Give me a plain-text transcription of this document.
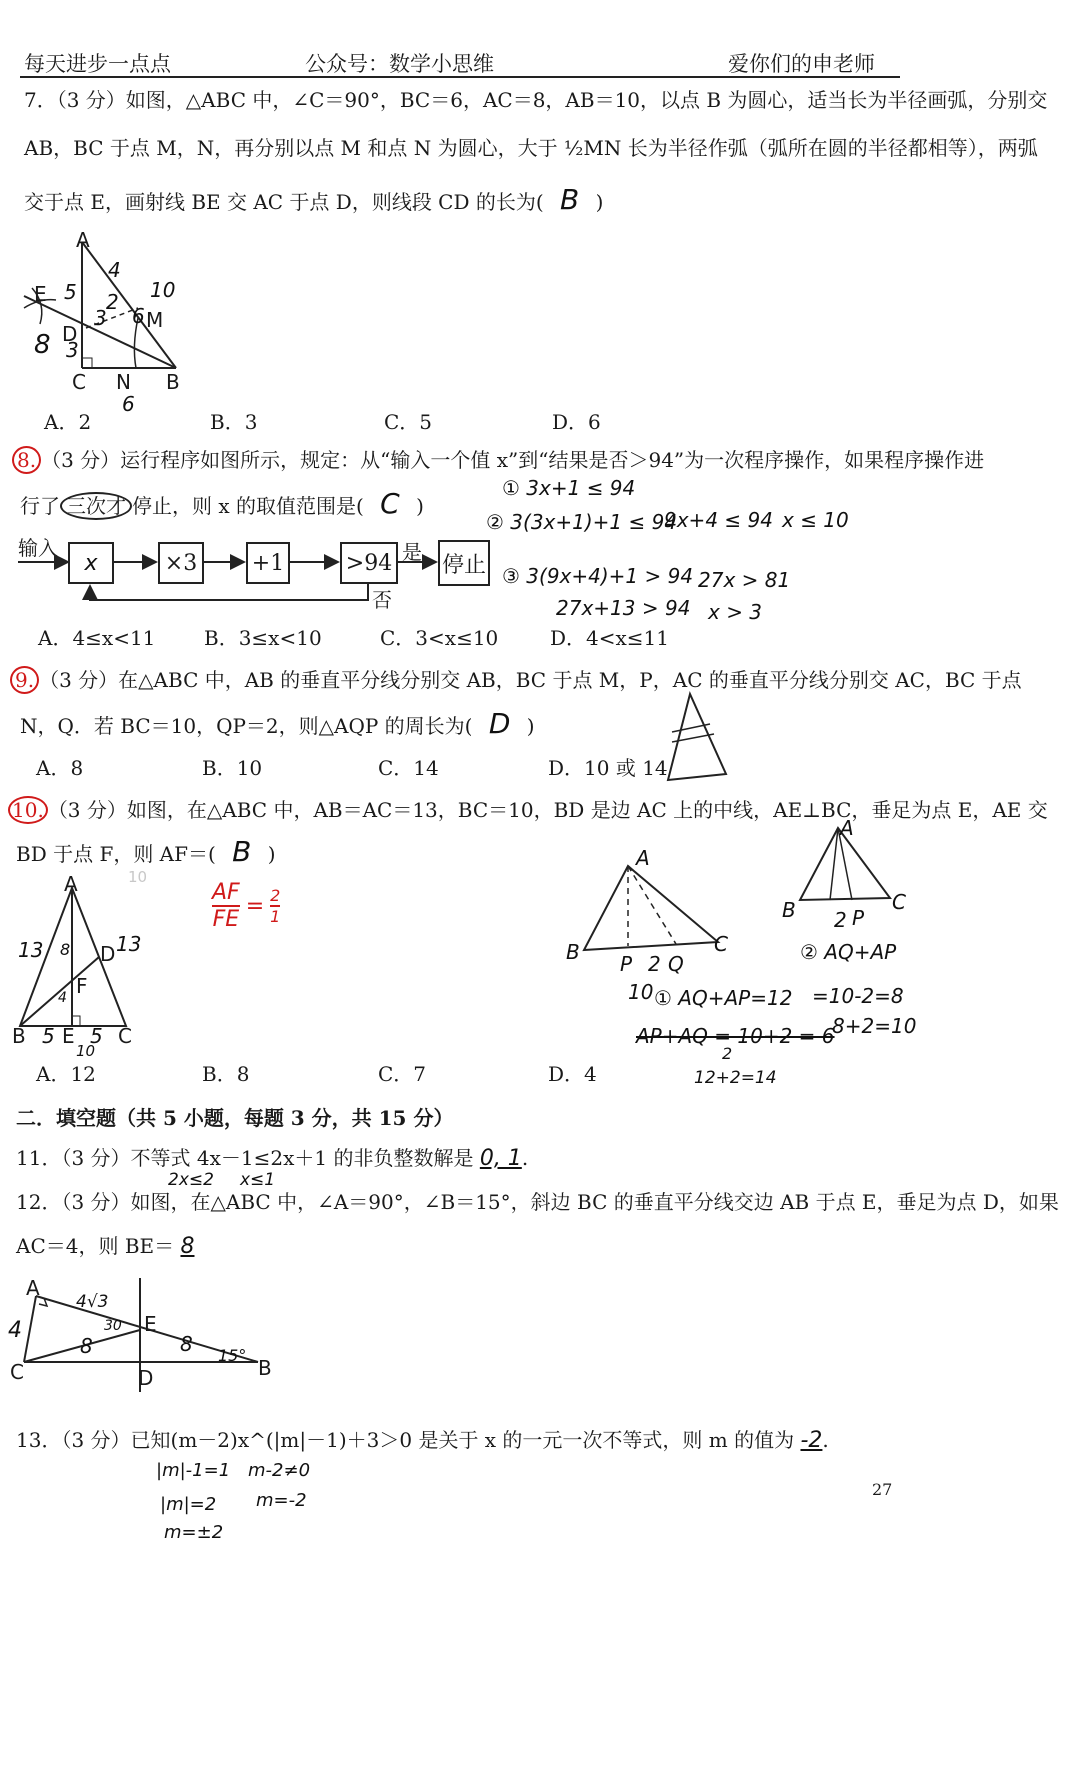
每天进步一点点	公众号：数学小思维	爱你们的申老师
7．（3 分）如图，△ABC 中，∠C＝90°，BC＝6，AC＝8，AB＝10，以点 B 为圆心，适当长为半径画弧，分别交
AB，BC 于点 M，N，再分别以点 M 和点 N 为圆心，大于 ½MN 长为半径作弧（弧所在圆的半径都相等），两弧
交于点 E，画射线 BE 交 AC 于点 D，则线段 CD 的长为( B )
A
E
D
M
C N B
4
10
5 2
3 6
3
8
6
A．2	B．3	C．5	D．6
8. （3 分）运行程序如图所示，规定：从“输入一个值 x”到“结果是否＞94”为一次程序操作，如果程序操作进
行了 三次才 停止，则 x 的取值范围是( C )
输入
x	×3 +1	>94 是
停止
否
① 3x+1 ≤ 94
② 3(3x+1)+1 ≤ 94
9x+4 ≤ 94 x ≤ 10
③ 3(9x+4)+1 > 94 27x > 81
27x+13 > 94 x > 3
A．4≤x<11 B．3≤x<10	C．3<x≤10	D．4<x≤11
9. （3 分）在△ABC 中，AB 的垂直平分线分别交 AB，BC 于点 M，P，AC 的垂直平分线分别交 AC，BC 于点
N，Q．若 BC＝10，QP＝2，则△AQP 的周长为( D )
A．8	B．10	C．14	D．10 或 14
10. （3 分）如图，在△ABC 中，AB＝AC＝13，BC＝10，BD 是边 AC 上的中线，AE⊥BC，垂足为点 E，AE 交
BD 于点 F，则 AF＝( B )
A
D
F
B E C
13 8 13
4
5 5
10
10
$\frac{AF}{FE} = \frac{2}{1}$
A
B	C
P 2 Q
10
A
B	C
2 P
① AQ+AP=12
AP+AQ = 10+2 = 6
2
12+2=14
② AQ+AP
=10-2=8
8+2=10
A．12	B．8	C．7	D．4
二．填空题（共 5 小题，每题 3 分，共 15 分）
11．（3 分）不等式 4x－1≤2x＋1 的非负整数解是 0, 1.
2x≤2 x≤1
12．（3 分）如图，在△ABC 中，∠A＝90°，∠B＝15°，斜边 BC 的垂直平分线交边 AB 于点 E，垂足为点 D，如果
AC＝4，则 BE＝ 8
A
E
C	D	B
4
4√3
30
8	8 15°
13．（3 分）已知(m－2)x^(|m|－1)＋3＞0 是关于 x 的一元一次不等式，则 m 的值为 -2.
|m|-1=1 m-2≠0
|m|=2 m=-2
m=±2
27
